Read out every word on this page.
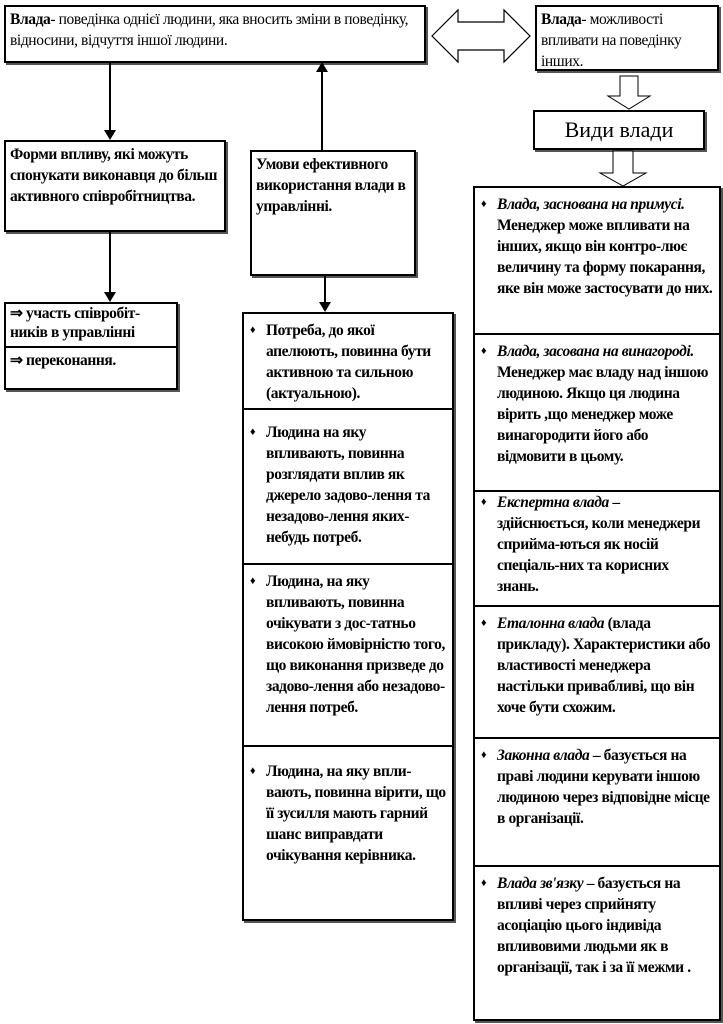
Влада- поведінка однієї людини, яка вносить зміни в поведінку, відносини, відчуття іншої людини.
Влада- можливості впливати на поведінку інших.
Види влади
♦ Влада, заснована на примусі. Менеджер може впливати на інших, якщо він контро-лює величину та форму покарання, яке він може застосувати до них.
♦ Влада, засована на винагороді. Менеджер має владу над іншою людиною. Якщо ця людина вірить ,що менеджер може винагородити його або відмовити в цьому.
♦ Експертна влада – здійснюється, коли менеджери сприйма-ються як носій спеціаль-них та корисних знань.
♦ Еталонна влада (влада прикладу). Характеристики або властивості менеджера настільки привабливі, що він хоче бути схожим.
♦ Законна влада – базується на праві людини керувати іншою людиною через відповідне місце в організації.
♦ Влада зв'язку – базується на впливі через сприйняту асоціацію цього індивіда впливовими людьми як в організації, так і за її межми .
Форми впливу, які можуть спонукати виконавця до більш активного співробітництва.
⇒ участь співробіт-ників в управлінні
⇒ переконання.
Умови ефективного використання влади в управлінні.
♦ Потреба, до якої апелюють, повинна бути активною та сильною (актуальною).
♦ Людина на яку впливають, повинна розглядати вплив як джерело задово-лення та незадово-лення яких-небудь потреб.
♦ Людина, на яку впливають, повинна очікувати з дос-татньо високою ймовірністю того, що виконання призведе до задово-лення або незадово-лення потреб.
♦ Людина, на яку впли-вають, повинна вірити, що її зусилля мають гарний шанс виправдати очікування керівника.
